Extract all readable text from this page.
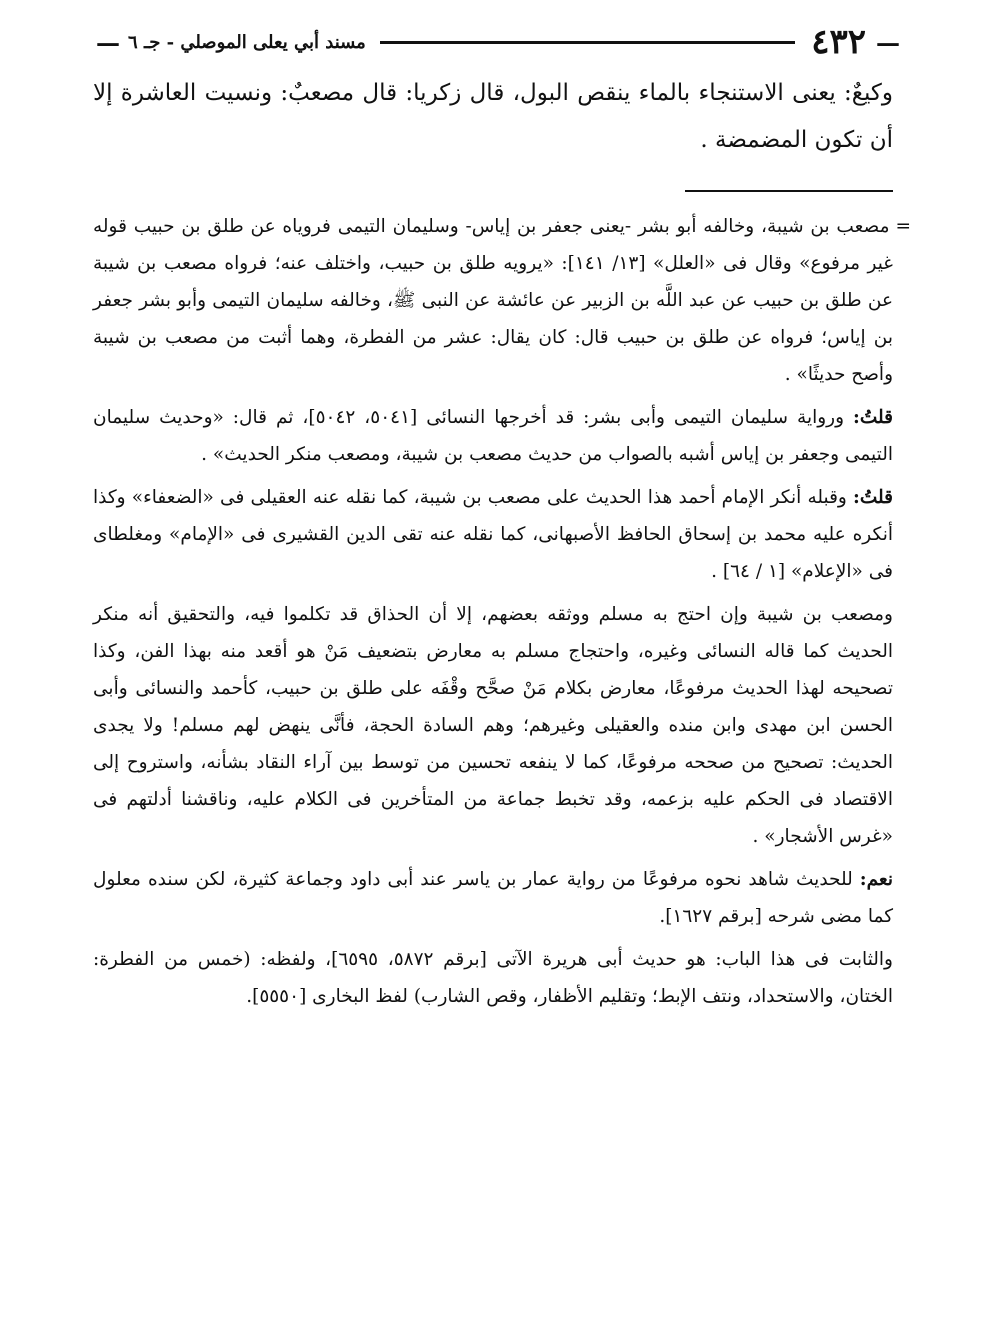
—
٤٣٢
مسند أبي يعلى الموصلي - جـ ٦
—

وكيعٌ: يعنى الاستنجاء بالماء ينقص البول، قال زكريا: قال مصعبٌ: ونسيت العاشرة إلا أن تكون المضمضة .

=مصعب بن شيبة، وخالفه أبو بشر -يعنى جعفر بن إياس- وسليمان التيمى فروياه عن طلق بن حبيب قوله غير مرفوع» وقال فى «العلل» [١٣/ ١٤١]: «يرويه طلق بن حبيب، واختلف عنه؛ فرواه مصعب بن شيبة عن طلق بن حبيب عن عبد اللَّه بن الزبير عن عائشة عن النبى ﷺ، وخالفه سليمان التيمى وأبو بشر جعفر بن إياس؛ فرواه عن طلق بن حبيب قال: كان يقال: عشر من الفطرة، وهما أثبت من مصعب بن شيبة وأصح حديثًا» .

قلتُ: ورواية سليمان التيمى وأبى بشر: قد أخرجها النسائى [٥٠٤١، ٥٠٤٢]، ثم قال: «وحديث سليمان التيمى وجعفر بن إياس أشبه بالصواب من حديث مصعب بن شيبة، ومصعب منكر الحديث» .

قلتُ: وقبله أنكر الإمام أحمد هذا الحديث على مصعب بن شيبة، كما نقله عنه العقيلى فى «الضعفاء» وكذا أنكره عليه محمد بن إسحاق الحافظ الأصبهانى، كما نقله عنه تقى الدين القشيرى فى «الإمام» ومغلطاى فى «الإعلام» [١ / ٦٤] .

ومصعب بن شيبة وإن احتج به مسلم ووثقه بعضهم، إلا أن الحذاق قد تكلموا فيه، والتحقيق أنه منكر الحديث كما قاله النسائى وغيره، واحتجاج مسلم به معارض بتضعيف مَنْ هو أقعد منه بهذا الفن، وكذا تصحيحه لهذا الحديث مرفوعًا، معارض بكلام مَنْ صحَّح وقْفَه على طلق بن حبيب، كأحمد والنسائى وأبى الحسن ابن مهدى وابن منده والعقيلى وغيرهم؛ وهم السادة الحجة، فأنَّى ينهض لهم مسلم! ولا يجدى الحديث: تصحيح من صححه مرفوعًا، كما لا ينفعه تحسين من توسط بين آراء النقاد بشأنه، واستروح إلى الاقتصاد فى الحكم عليه بزعمه، وقد تخبط جماعة من المتأخرين فى الكلام عليه، وناقشنا أدلتهم فى «غرس الأشجار» .

نعم: للحديث شاهد نحوه مرفوعًا من رواية عمار بن ياسر عند أبى داود وجماعة كثيرة، لكن سنده معلول كما مضى شرحه [برقم ١٦٢٧].

والثابت فى هذا الباب: هو حديث أبى هريرة الآتى [برقم ٥٨٧٢، ٦٥٩٥]، ولفظه: (خمس من الفطرة: الختان، والاستحداد، ونتف الإبط؛ وتقليم الأظفار، وقص الشارب) لفظ البخارى [٥٥٥٠].
